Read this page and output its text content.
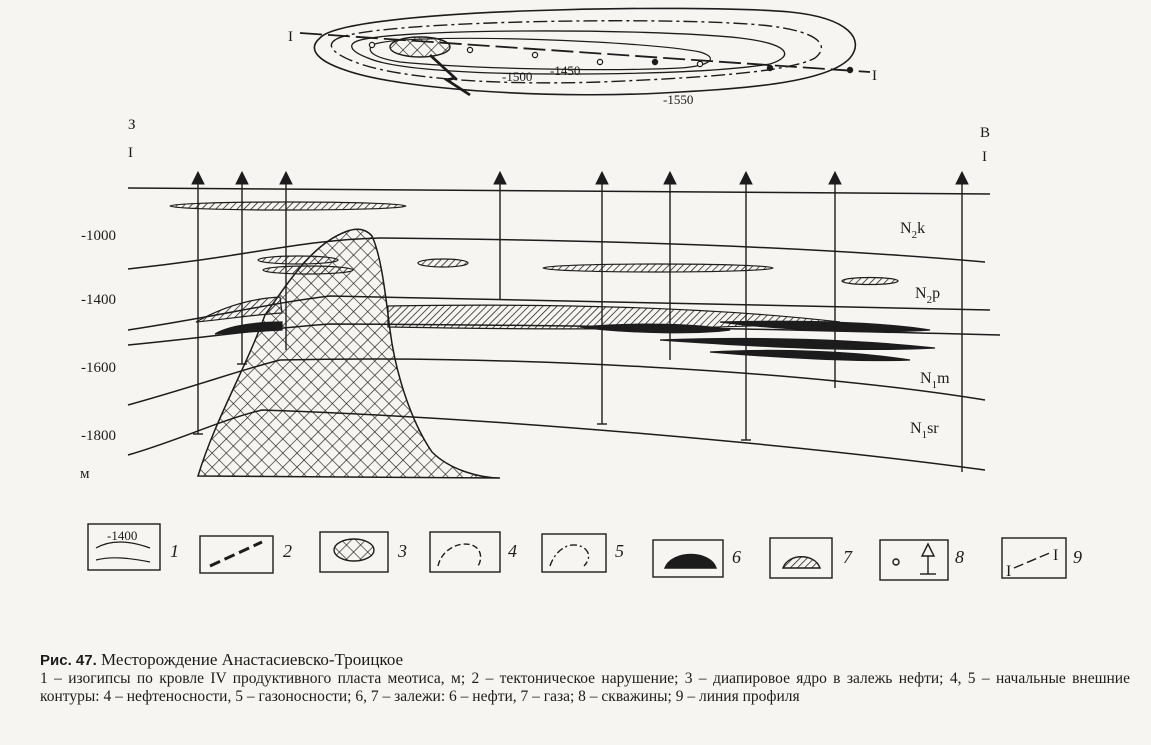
-1450
-1500
-1550
I
I
З
I
В
I
-1000
-1400
-1600
-1800
м
$N_2k$
$N_2p$
$N_1m$
$N_1sr$
-1400
1	2	3	4	5	6	7	8
I
I 9
Рис. 47. Месторождение Анастасиевско-Троицкое

1 – изогипсы по кровле IV продуктивного пласта меотиса, м; 2 – тектоническое нарушение; 3 – диапировое ядро в залежь нефти; 4, 5 – начальные внешние контуры: 4 – нефтеносности, 5 – газоносности; 6, 7 – залежи: 6 – нефти, 7 – газа; 8 – скважины; 9 – линия профиля
